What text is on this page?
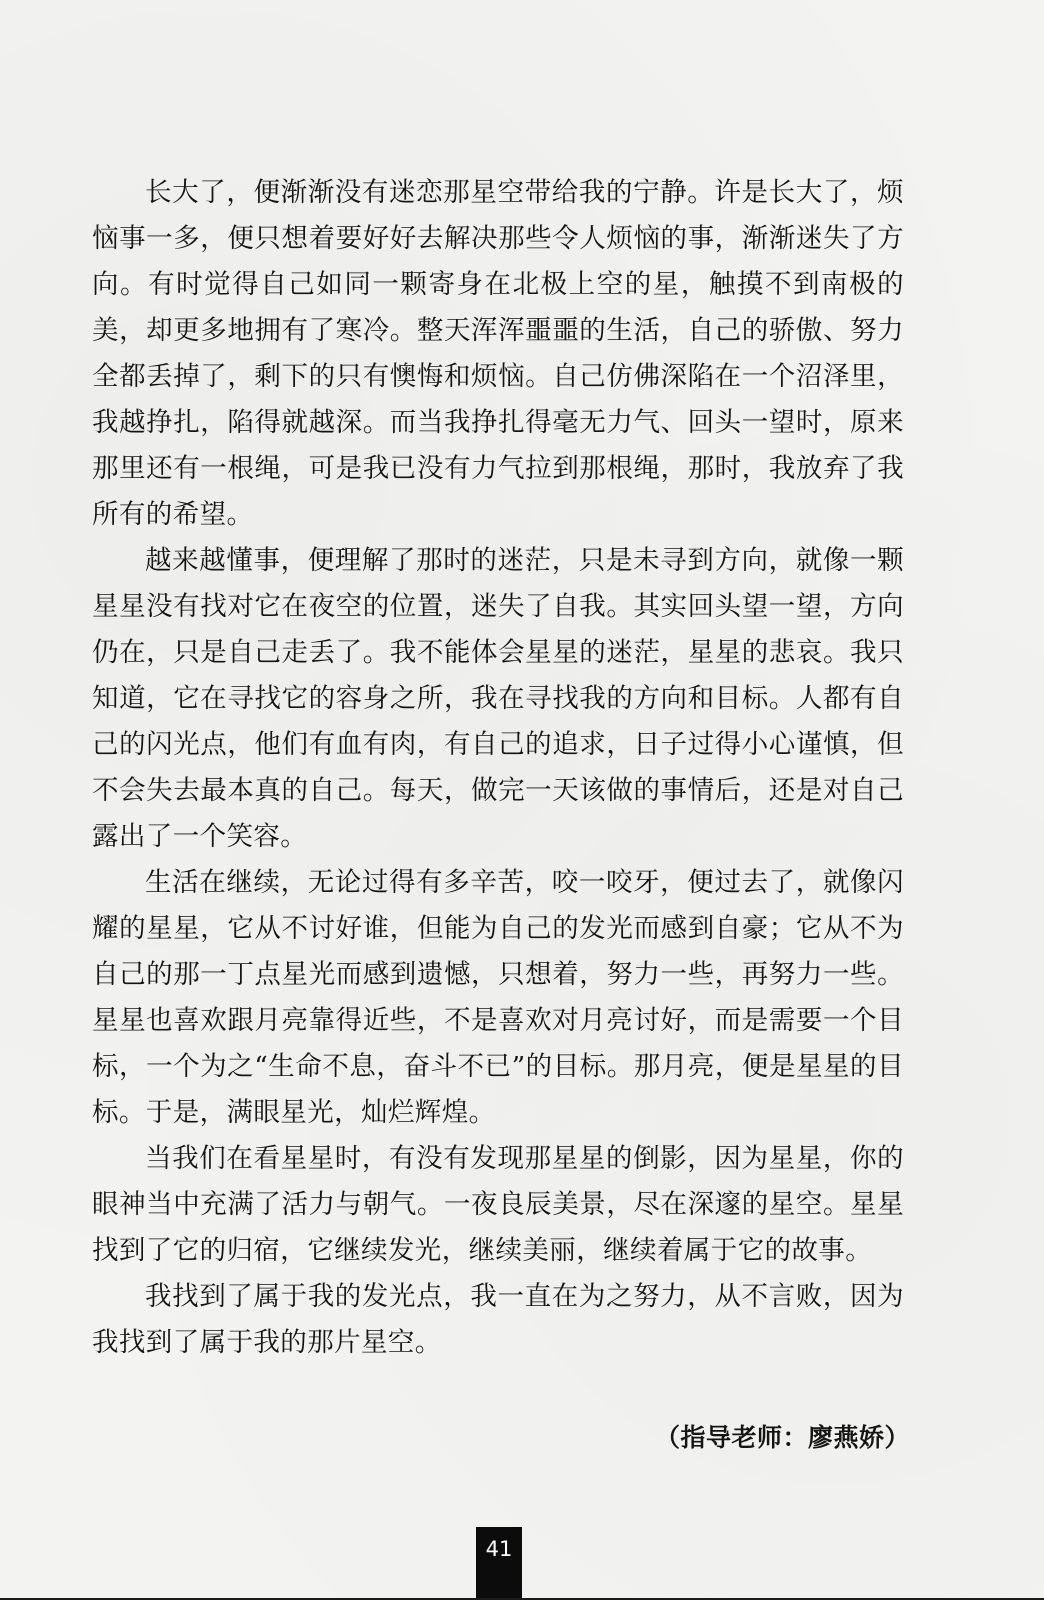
长大了，便渐渐没有迷恋那星空带给我的宁静。许是长大了，烦恼事一多，便只想着要好好去解决那些令人烦恼的事，渐渐迷失了方向。有时觉得自己如同一颗寄身在北极上空的星，触摸不到南极的美，却更多地拥有了寒冷。整天浑浑噩噩的生活，自己的骄傲、努力全都丢掉了，剩下的只有懊悔和烦恼。自己仿佛深陷在一个沼泽里，我越挣扎，陷得就越深。而当我挣扎得毫无力气、回头一望时，原来那里还有一根绳，可是我已没有力气拉到那根绳，那时，我放弃了我所有的希望。

越来越懂事，便理解了那时的迷茫，只是未寻到方向，就像一颗星星没有找对它在夜空的位置，迷失了自我。其实回头望一望，方向仍在，只是自己走丢了。我不能体会星星的迷茫，星星的悲哀。我只知道，它在寻找它的容身之所，我在寻找我的方向和目标。人都有自己的闪光点，他们有血有肉，有自己的追求，日子过得小心谨慎，但不会失去最本真的自己。每天，做完一天该做的事情后，还是对自己露出了一个笑容。

生活在继续，无论过得有多辛苦，咬一咬牙，便过去了，就像闪耀的星星，它从不讨好谁，但能为自己的发光而感到自豪；它从不为自己的那一丁点星光而感到遗憾，只想着，努力一些，再努力一些。星星也喜欢跟月亮靠得近些，不是喜欢对月亮讨好，而是需要一个目标，一个为之“生命不息，奋斗不已”的目标。那月亮，便是星星的目标。于是，满眼星光，灿烂辉煌。

当我们在看星星时，有没有发现那星星的倒影，因为星星，你的眼神当中充满了活力与朝气。一夜良辰美景，尽在深邃的星空。星星找到了它的归宿，它继续发光，继续美丽，继续着属于它的故事。

我找到了属于我的发光点，我一直在为之努力，从不言败，因为我找到了属于我的那片星空。

（指导老师：廖燕娇）
41
